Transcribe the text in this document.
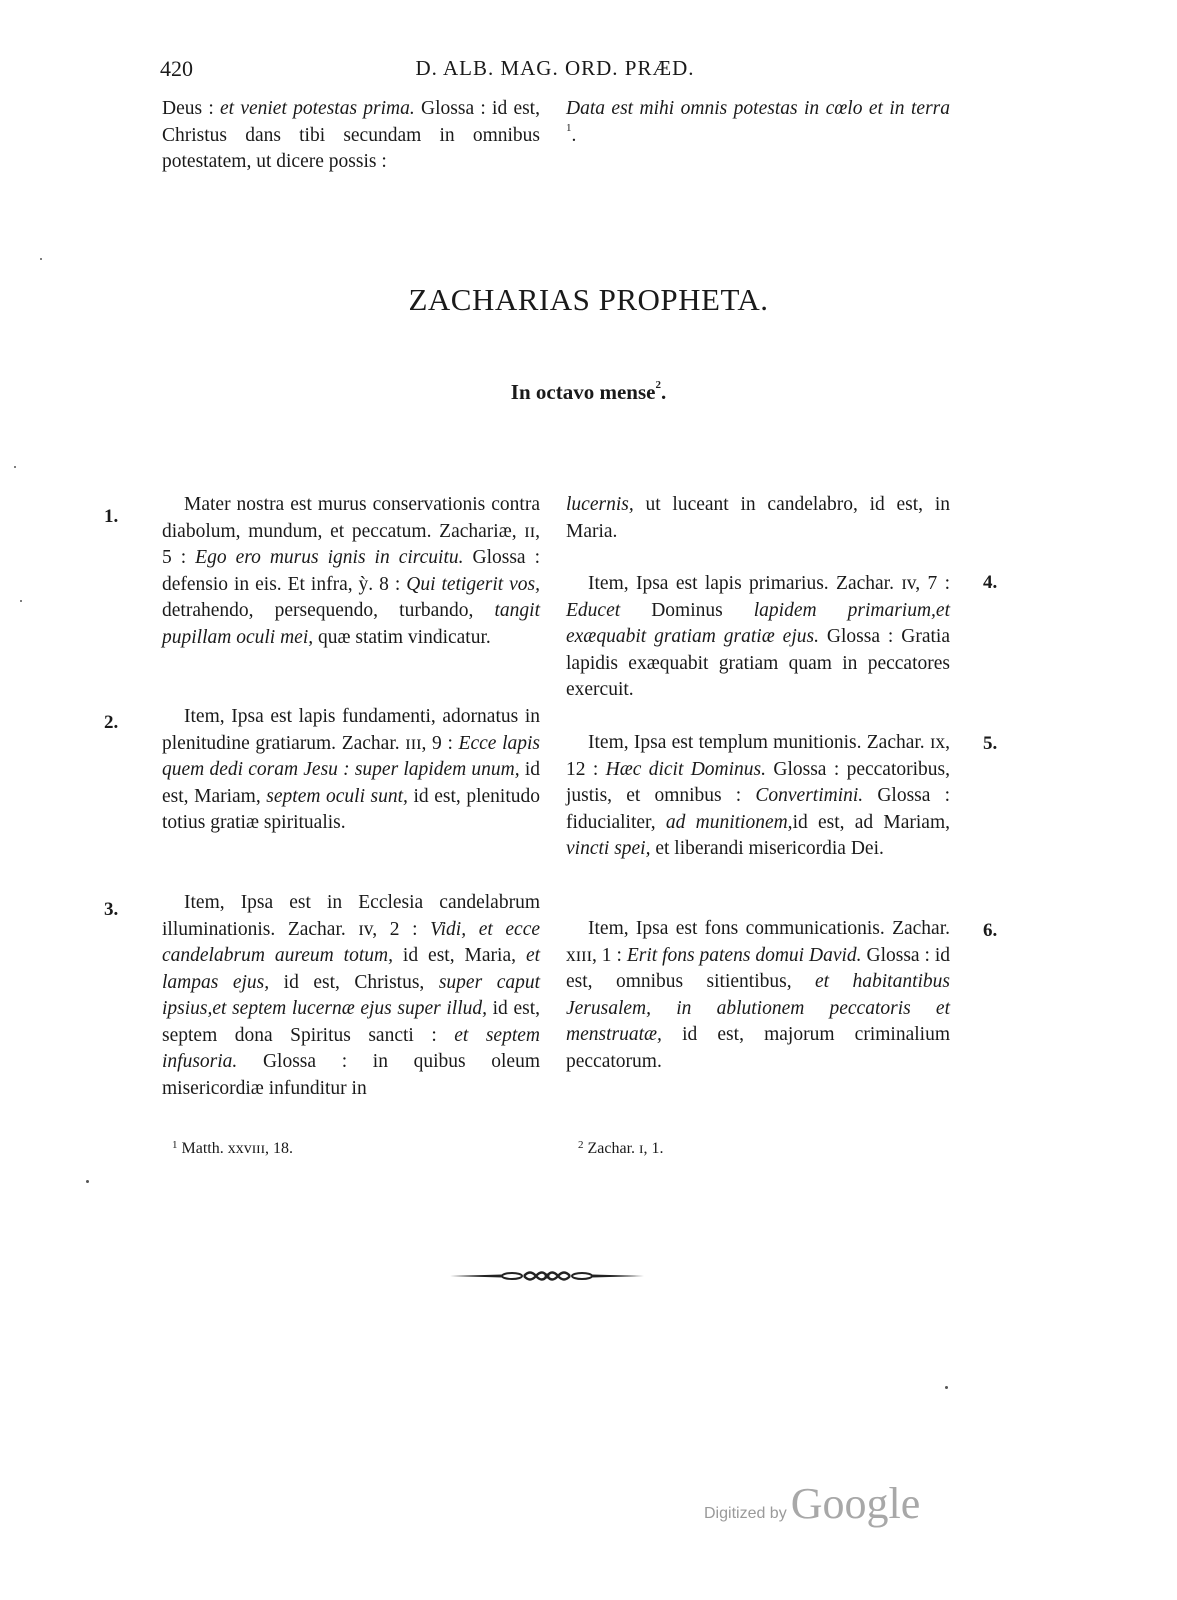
420	D. ALB. MAG. ORD. PRÆD.

Deus : et veniet potestas prima. Glossa : id est, Christus dans tibi secundam in omnibus potestatem, ut dicere possis :

Data est mihi omnis potestas in cœlo et in terra $^1$.

ZACHARIAS PROPHETA.
In octavo mense$^2$.
1.
2.
3.
4.
5.
6.

Mater nostra est murus conservationis contra diabolum, mundum, et peccatum. Zachariæ, ɪɪ, 5 : Ego ero murus ignis in circuitu. Glossa : defensio in eis. Et infra, ỳ. 8 : Qui tetigerit vos, detrahendo, persequendo, turbando, tangit pupillam oculi mei, quæ statim vindicatur.

Item, Ipsa est lapis fundamenti, adornatus in plenitudine gratiarum. Zachar. ɪɪɪ, 9 : Ecce lapis quem dedi coram Jesu : super lapidem unum, id est, Mariam, septem oculi sunt, id est, plenitudo totius gratiæ spiritualis.

Item, Ipsa est in Ecclesia candelabrum illuminationis. Zachar. ɪv, 2 : Vidi, et ecce candelabrum aureum totum, id est, Maria, et lampas ejus, id est, Christus, super caput ipsius,et septem lucernæ ejus super illud, id est, septem dona Spiritus sancti : et septem infusoria. Glossa : in quibus oleum misericordiæ infunditur in

lucernis, ut luceant in candelabro, id est, in Maria.

Item, Ipsa est lapis primarius. Zachar. ɪv, 7 : Educet Dominus lapidem primarium,et exæquabit gratiam gratiæ ejus. Glossa : Gratia lapidis exæquabit gratiam quam in peccatores exercuit.

Item, Ipsa est templum munitionis. Zachar. ɪx, 12 : Hæc dicit Dominus. Glossa : peccatoribus, justis, et omnibus : Convertimini. Glossa : fiducialiter, ad munitionem,id est, ad Mariam, vincti spei, et liberandi misericordia Dei.

Item, Ipsa est fons communicationis. Zachar. xɪɪɪ, 1 : Erit fons patens domui David. Glossa : id est, omnibus sitientibus, et habitantibus Jerusalem, in ablutionem peccatoris et menstruatæ, id est, majorum criminalium peccatorum.

$^1$ Matth. xxvɪɪɪ, 18.	$^2$ Zachar. ɪ, 1.
Digitized by Google
